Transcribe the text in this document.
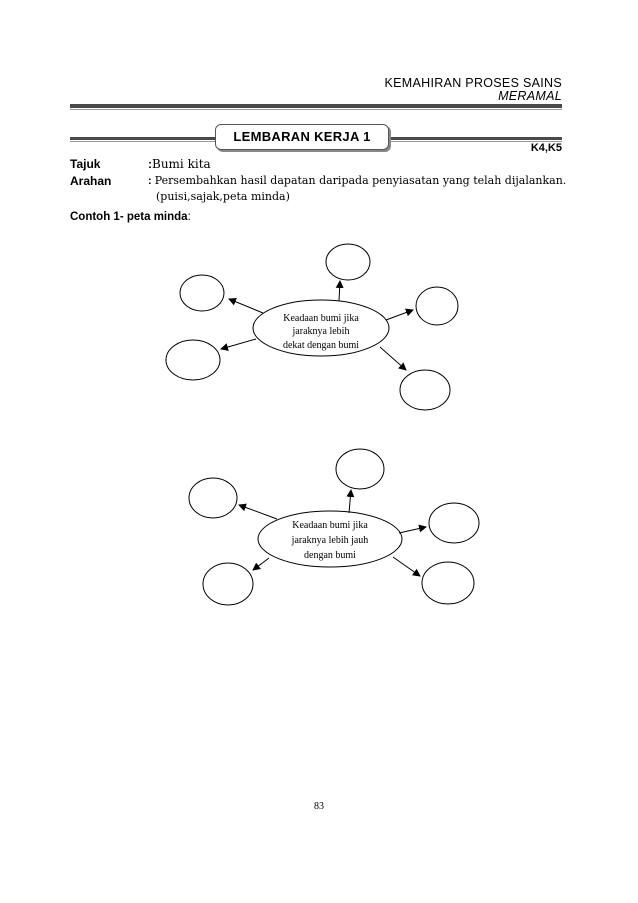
KEMAHIRAN PROSES SAINS
MERAMAL
LEMBARAN KERJA 1
K4,K5
Tajuk	:Bumi kita
Arahan	: Persembahkan hasil dapatan daripada penyiasatan yang telah dijalankan.
(puisi,sajak,peta minda)
Contoh 1- peta minda:
Keadaan bumi jika
jaraknya lebih
dekat dengan bumi
Keadaan bumi jika
jaraknya lebih jauh
dengan bumi
83
